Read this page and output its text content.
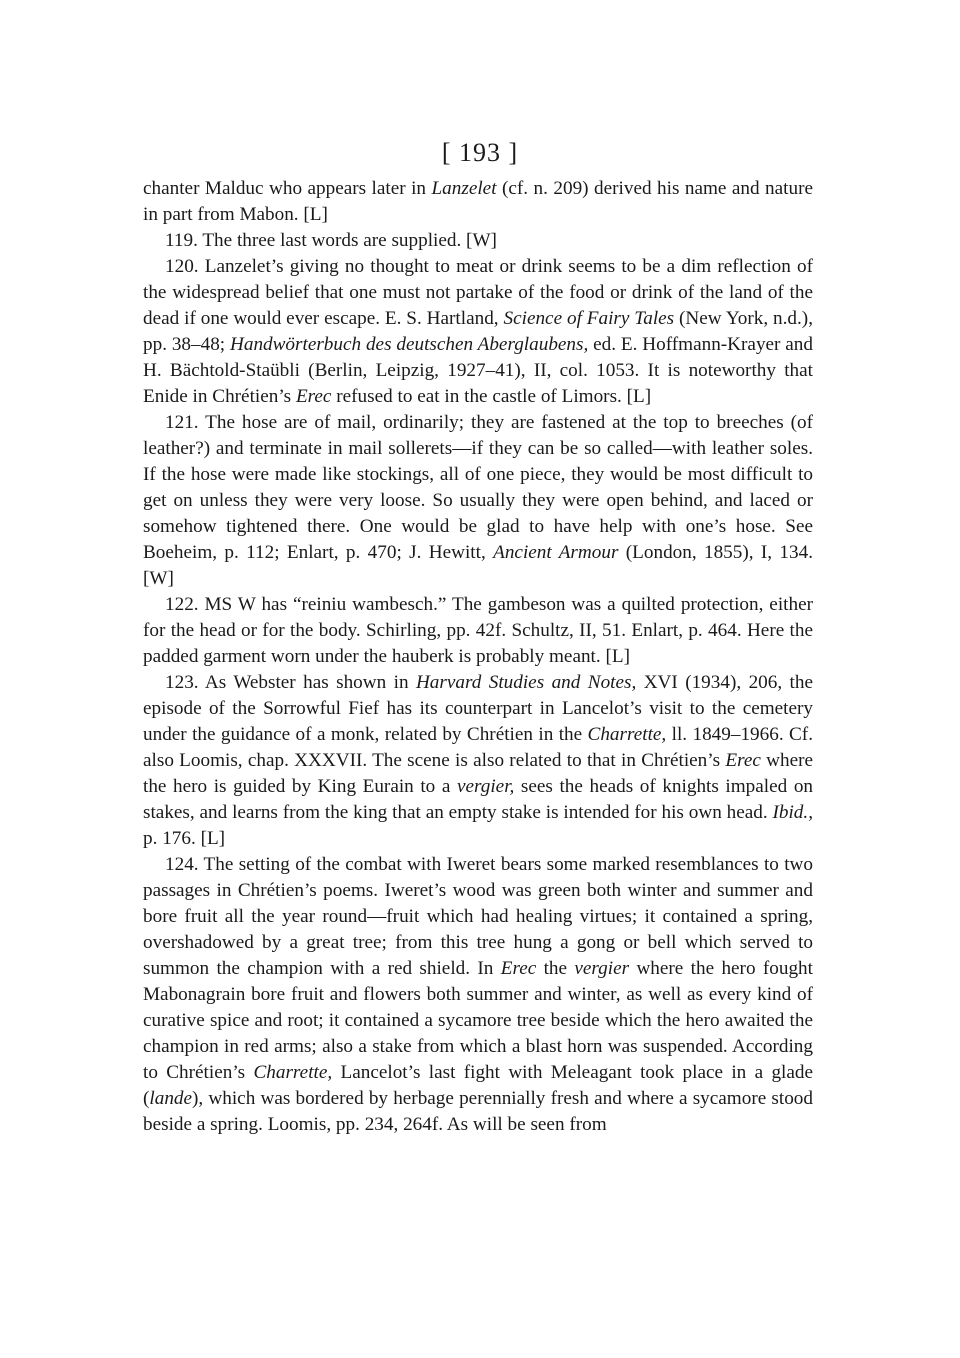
[ 193 ]

chanter Malduc who appears later in Lanzelet (cf. n. 209) derived his name and nature in part from Mabon. [L]

119. The three last words are supplied. [W]

120. Lanzelet’s giving no thought to meat or drink seems to be a dim reflection of the widespread belief that one must not partake of the food or drink of the land of the dead if one would ever escape. E. S. Hartland, Science of Fairy Tales (New York, n.d.), pp. 38–48; Handwörterbuch des deutschen Aberglaubens, ed. E. Hoffmann-Krayer and H. Bächtold-Staübli (Berlin, Leipzig, 1927–41), II, col. 1053. It is noteworthy that Enide in Chrétien’s Erec refused to eat in the castle of Limors. [L]

121. The hose are of mail, ordinarily; they are fastened at the top to breeches (of leather?) and terminate in mail sollerets—if they can be so called—with leather soles. If the hose were made like stockings, all of one piece, they would be most difficult to get on unless they were very loose. So usually they were open behind, and laced or somehow tightened there. One would be glad to have help with one’s hose. See Boeheim, p. 112; Enlart, p. 470; J. Hewitt, Ancient Armour (London, 1855), I, 134. [W]

122. MS W has “reiniu wambesch.” The gambeson was a quilted protection, either for the head or for the body. Schirling, pp. 42f. Schultz, II, 51. Enlart, p. 464. Here the padded garment worn under the hauberk is probably meant. [L]

123. As Webster has shown in Harvard Studies and Notes, XVI (1934), 206, the episode of the Sorrowful Fief has its counterpart in Lancelot’s visit to the cemetery under the guidance of a monk, related by Chrétien in the Charrette, ll. 1849–1966. Cf. also Loomis, chap. XXXVII. The scene is also related to that in Chrétien’s Erec where the hero is guided by King Eurain to a vergier, sees the heads of knights impaled on stakes, and learns from the king that an empty stake is intended for his own head. Ibid., p. 176. [L]

124. The setting of the combat with Iweret bears some marked resemblances to two passages in Chrétien’s poems. Iweret’s wood was green both winter and summer and bore fruit all the year round—fruit which had healing virtues; it contained a spring, overshadowed by a great tree; from this tree hung a gong or bell which served to summon the champion with a red shield. In Erec the vergier where the hero fought Mabonagrain bore fruit and flowers both summer and winter, as well as every kind of curative spice and root; it contained a sycamore tree beside which the hero awaited the champion in red arms; also a stake from which a blast horn was suspended. According to Chrétien’s Charrette, Lancelot’s last fight with Meleagant took place in a glade (lande), which was bordered by herbage perennially fresh and where a sycamore stood beside a spring. Loomis, pp. 234, 264f. As will be seen from
